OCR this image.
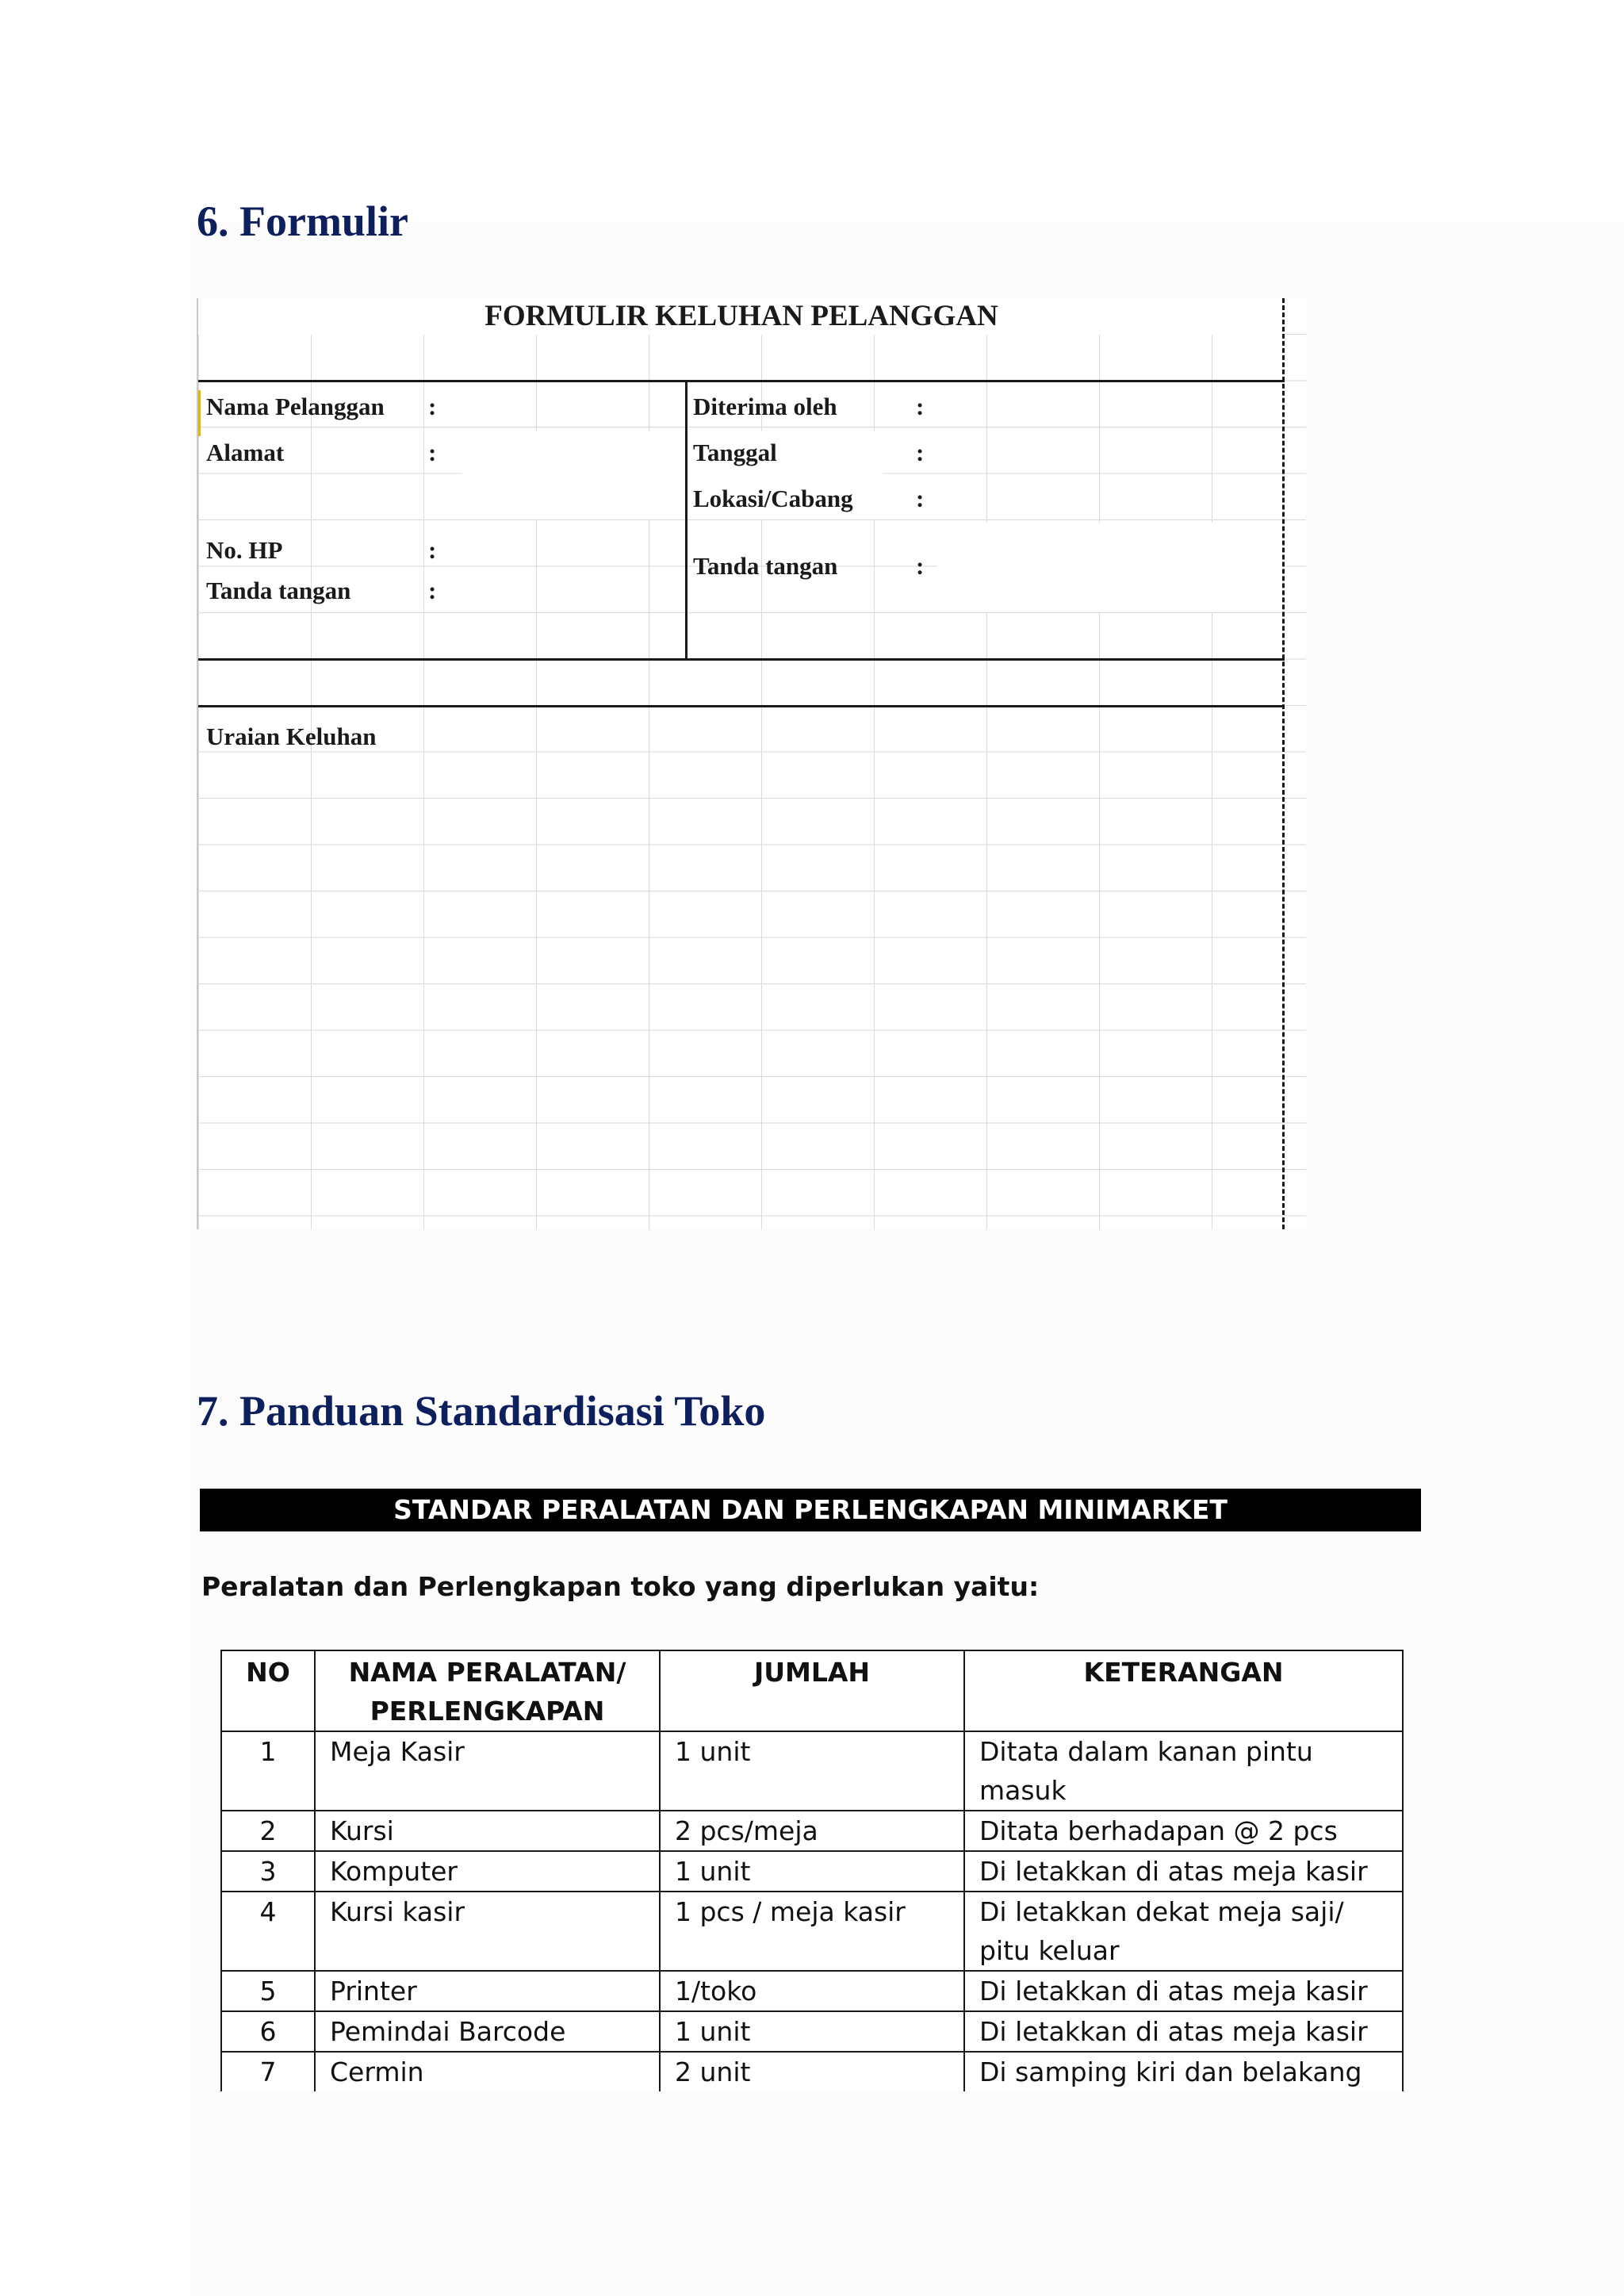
6. Formulir
FORMULIR KELUHAN PELANGGAN
Nama Pelanggan :
Alamat	:
No. HP	:
Tanda tangan	:
Diterima oleh	:
Tanggal	:
Lokasi/Cabang	:
Tanda tangan	:
Uraian Keluhan
7. Panduan Standardisasi Toko
STANDAR PERALATAN DAN PERLENGKAPAN MINIMARKET

Peralatan dan Perlengkapan toko yang diperlukan yaitu:

NO	NAMA PERALATAN/ PERLENGKAPAN	JUMLAH	KETERANGAN
1	Meja Kasir	1 unit	Ditata dalam kanan pintu masuk
2	Kursi	2 pcs/meja	Ditata berhadapan @ 2 pcs
3	Komputer	1 unit	Di letakkan di atas meja kasir
4	Kursi kasir	1 pcs / meja kasir	Di letakkan dekat meja saji/ pitu keluar
5	Printer	1/toko	Di letakkan di atas meja kasir
6	Pemindai Barcode	1 unit	Di letakkan di atas meja kasir
7	Cermin	2 unit	Di samping kiri dan belakang
